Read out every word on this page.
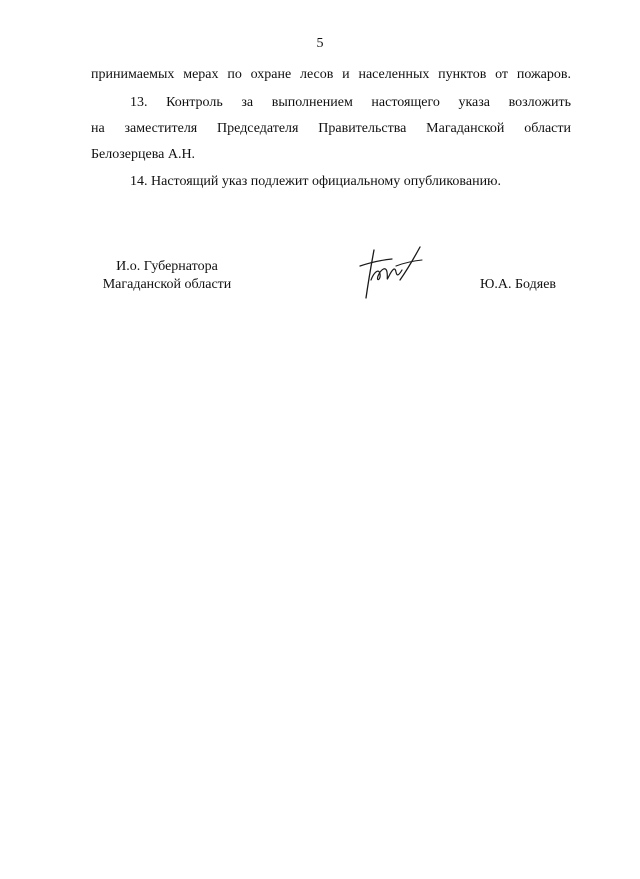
5
принимаемых мерах по охране лесов и населенных пунктов от пожаров.
13. Контроль за выполнением настоящего указа возложить
на заместителя Председателя Правительства Магаданской области
Белозерцева А.Н.
14. Настоящий указ подлежит официальному опубликованию.
И.о. Губернатора
Магаданской области	Ю.А. Бодяев
